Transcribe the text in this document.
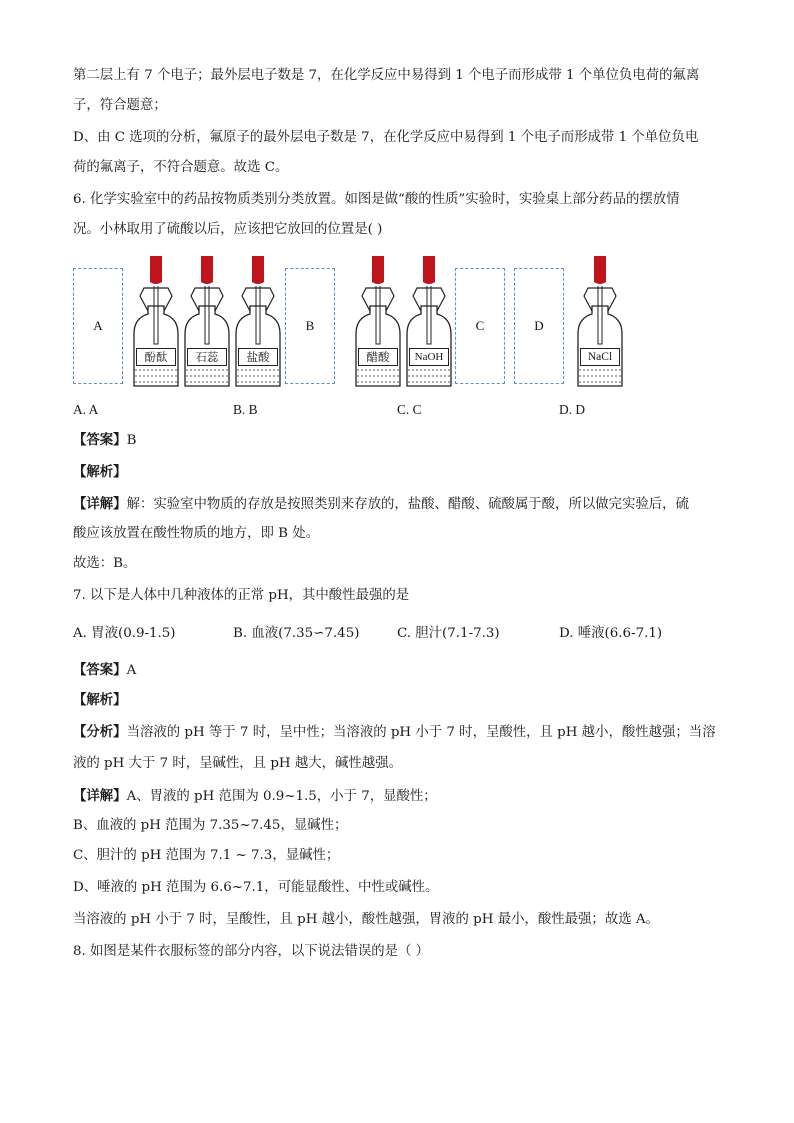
第二层上有 7 个电子；最外层电子数是 7，在化学反应中易得到 1 个电子而形成带 1 个单位负电荷的氟离
子，符合题意；
D、由 C 选项的分析，氟原子的最外层电子数是 7，在化学反应中易得到 1 个电子而形成带 1 个单位负电
荷的氟离子，不符合题意。故选 C。
6. 化学实验室中的药品按物质类别分类放置。如图是做“酸的性质”实验时，实验桌上部分药品的摆放情
况。小林取用了硫酸以后，应该把它放回的位置是( )
A
酚酞	石蕊	盐酸
B
醋酸	NaOH
C	D
NaCl
A. A	B. B	C. C	D. D
【答案】B
【解析】
【详解】解：实验室中物质的存放是按照类别来存放的，盐酸、醋酸、硫酸属于酸，所以做完实验后，硫
酸应该放置在酸性物质的地方，即 B 处。
故选：B。
7. 以下是人体中几种液体的正常 pH，其中酸性最强的是
A. 胃液(0.9-1.5)	B. 血液(7.35∽7.45)	C. 胆汁(7.1-7.3)	D. 唾液(6.6-7.1)
【答案】A
【解析】
【分析】当溶液的 pH 等于 7 时，呈中性；当溶液的 pH 小于 7 时，呈酸性，且 pH 越小，酸性越强；当溶
液的 pH 大于 7 时，呈碱性，且 pH 越大，碱性越强。
【详解】A、胃液的 pH 范围为 0.9~1.5，小于 7，显酸性；
B、血液的 pH 范围为 7.35~7.45，显碱性；
C、胆汁的 pH 范围为 7.1 ~ 7.3，显碱性；
D、唾液的 pH 范围为 6.6~7.1，可能显酸性、中性或碱性。
当溶液的 pH 小于 7 时，呈酸性，且 pH 越小，酸性越强，胃液的 pH 最小，酸性最强；故选 A。
8. 如图是某件衣服标签的部分内容，以下说法错误的是（ ）
